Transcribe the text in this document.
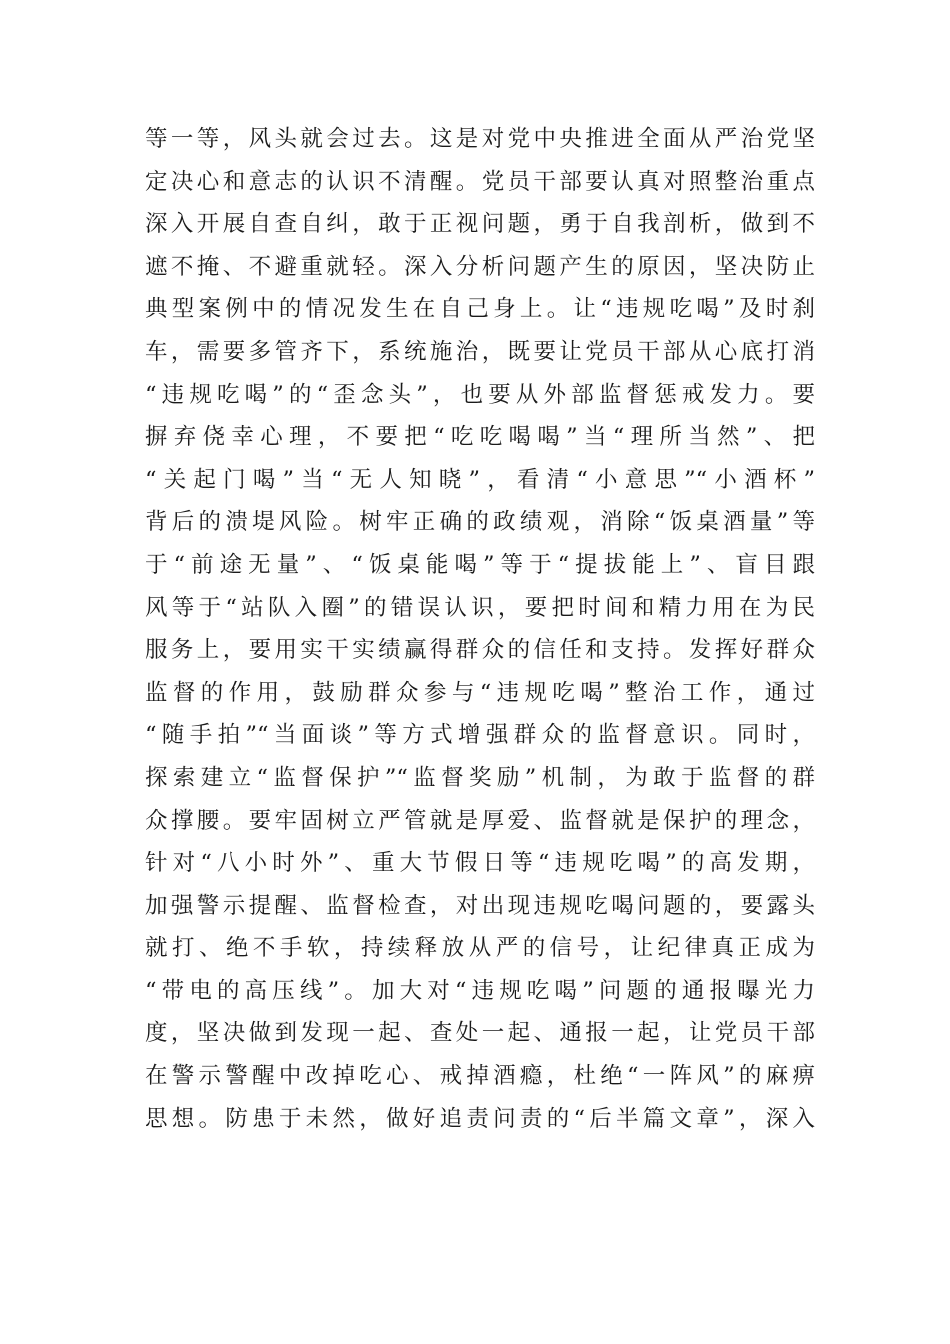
等一等，风头就会过去。这是对党中央推进全面从严治党坚
定决心和意志的认识不清醒。党员干部要认真对照整治重点
深入开展自查自纠，敢于正视问题，勇于自我剖析，做到不
遮不掩、不避重就轻。深入分析问题产生的原因，坚决防止
典型案例中的情况发生在自己身上。让“违规吃喝”及时刹
车，需要多管齐下，系统施治，既要让党员干部从心底打消
“违规吃喝”的“歪念头”，也要从外部监督惩戒发力。要
摒弃侥幸心理，不要把“吃吃喝喝”当“理所当然”、把
“关起门喝”当“无人知晓”，看清“小意思”“小酒杯”
背后的溃堤风险。树牢正确的政绩观，消除“饭桌酒量”等
于“前途无量”、“饭桌能喝”等于“提拔能上”、盲目跟
风等于“站队入圈”的错误认识，要把时间和精力用在为民
服务上，要用实干实绩赢得群众的信任和支持。发挥好群众
监督的作用，鼓励群众参与“违规吃喝”整治工作，通过
“随手拍”“当面谈”等方式增强群众的监督意识。同时，
探索建立“监督保护”“监督奖励”机制，为敢于监督的群
众撑腰。要牢固树立严管就是厚爱、监督就是保护的理念，
针对“八小时外”、重大节假日等“违规吃喝”的高发期，
加强警示提醒、监督检查，对出现违规吃喝问题的，要露头
就打、绝不手软，持续释放从严的信号，让纪律真正成为
“带电的高压线”。加大对“违规吃喝”问题的通报曝光力
度，坚决做到发现一起、查处一起、通报一起，让党员干部
在警示警醒中改掉吃心、戒掉酒瘾，杜绝“一阵风”的麻痹
思想。防患于未然，做好追责问责的“后半篇文章”，深入
